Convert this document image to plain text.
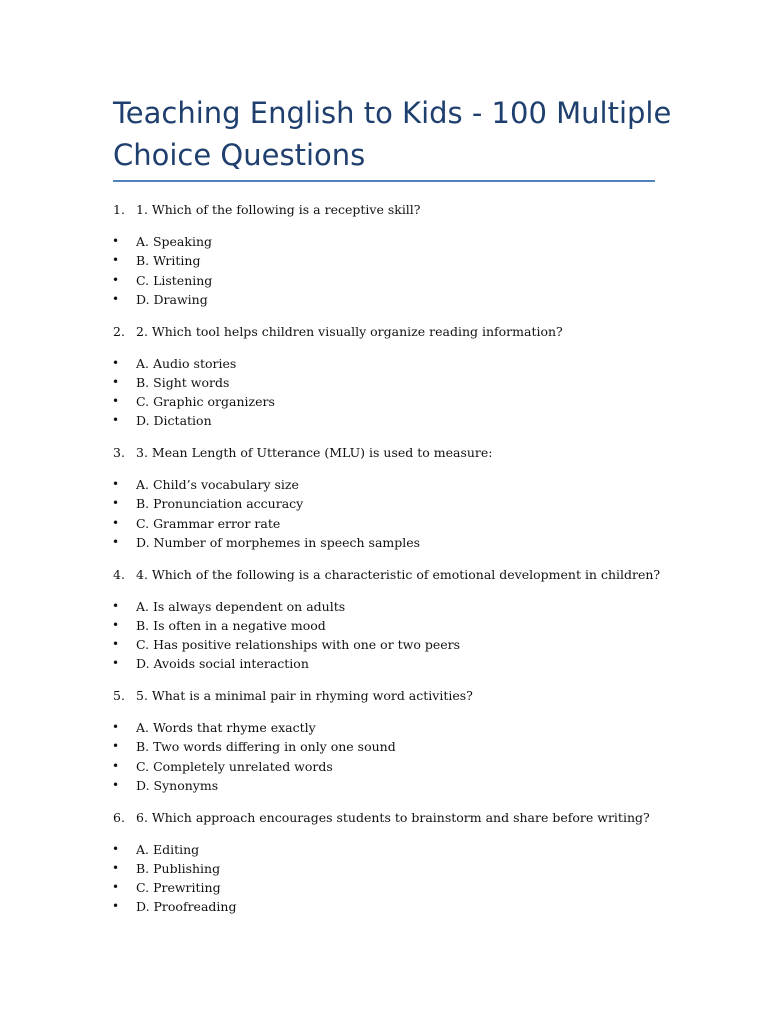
Teaching English to Kids - 100 Multiple Choice Questions
1. 1. Which of the following is a receptive skill?
• A. Speaking
• B. Writing
• C. Listening
• D. Drawing
2. 2. Which tool helps children visually organize reading information?
• A. Audio stories
• B. Sight words
• C. Graphic organizers
• D. Dictation
3. 3. Mean Length of Utterance (MLU) is used to measure:
• A. Child’s vocabulary size
• B. Pronunciation accuracy
• C. Grammar error rate
• D. Number of morphemes in speech samples
4. 4. Which of the following is a characteristic of emotional development in children?
• A. Is always dependent on adults
• B. Is often in a negative mood
• C. Has positive relationships with one or two peers
• D. Avoids social interaction
5. 5. What is a minimal pair in rhyming word activities?
• A. Words that rhyme exactly
• B. Two words differing in only one sound
• C. Completely unrelated words
• D. Synonyms
6. 6. Which approach encourages students to brainstorm and share before writing?
• A. Editing
• B. Publishing
• C. Prewriting
• D. Proofreading
